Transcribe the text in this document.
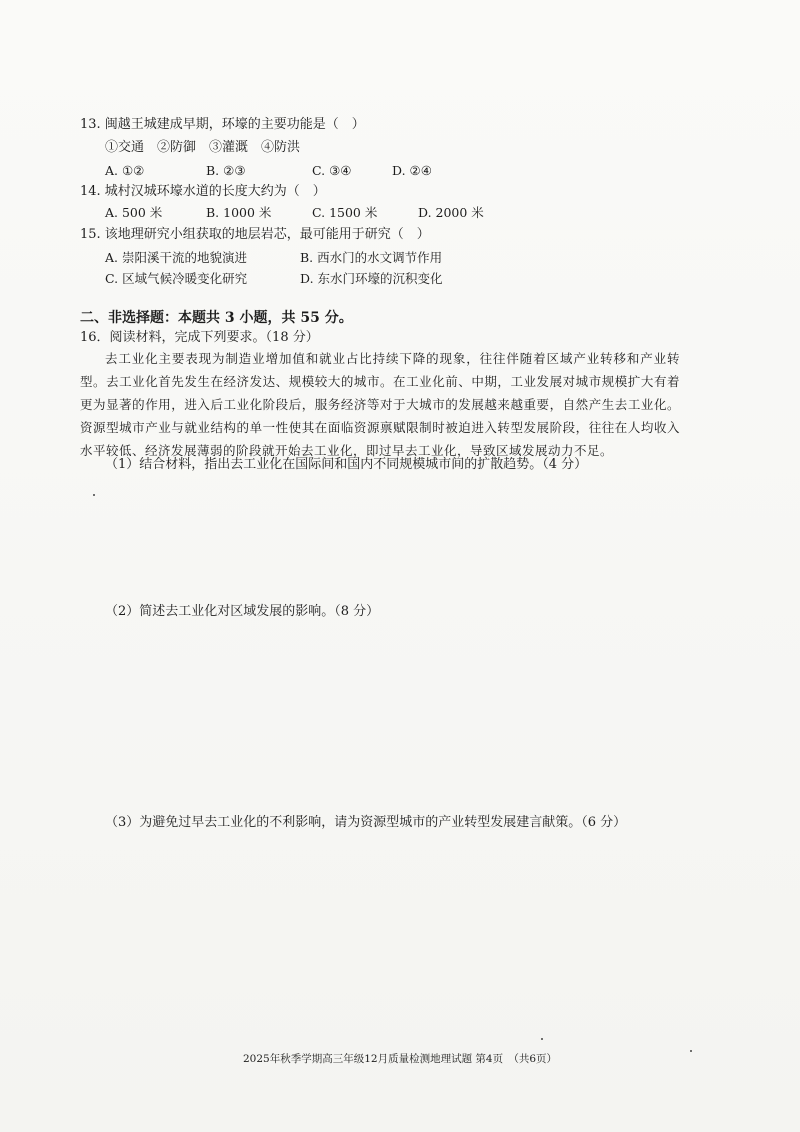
13. 闽越王城建成早期，环壕的主要功能是（　）
①交通　②防御　③灌溉　④防洪
A. ①②	B. ②③	C. ③④	D. ②④
14. 城村汉城环壕水道的长度大约为（　）
A. 500 米	B. 1000 米	C. 1500 米	D. 2000 米
15. 该地理研究小组获取的地层岩芯，最可能用于研究（　）
A. 崇阳溪干流的地貌演进	B. 西水门的水文调节作用
C. 区域气候冷暖变化研究	D. 东水门环壕的沉积变化
二、非选择题：本题共 3 小题，共 55 分。
16．阅读材料，完成下列要求。（18 分）
去工业化主要表现为制造业增加值和就业占比持续下降的现象，往往伴随着区域产业转移和产业转型。去工业化首先发生在经济发达、规模较大的城市。在工业化前、中期，工业发展对城市规模扩大有着更为显著的作用，进入后工业化阶段后，服务经济等对于大城市的发展越来越重要，自然产生去工业化。资源型城市产业与就业结构的单一性使其在面临资源禀赋限制时被迫进入转型发展阶段，往往在人均收入水平较低、经济发展薄弱的阶段就开始去工业化，即过早去工业化，导致区域发展动力不足。
（1）结合材料，指出去工业化在国际间和国内不同规模城市间的扩散趋势。（4 分）
（2）简述去工业化对区域发展的影响。（8 分）
（3）为避免过早去工业化的不利影响，请为资源型城市的产业转型发展建言献策。（6 分）
2025年秋季学期高三年级12月质量检测地理试题 第4页　（共6页）
